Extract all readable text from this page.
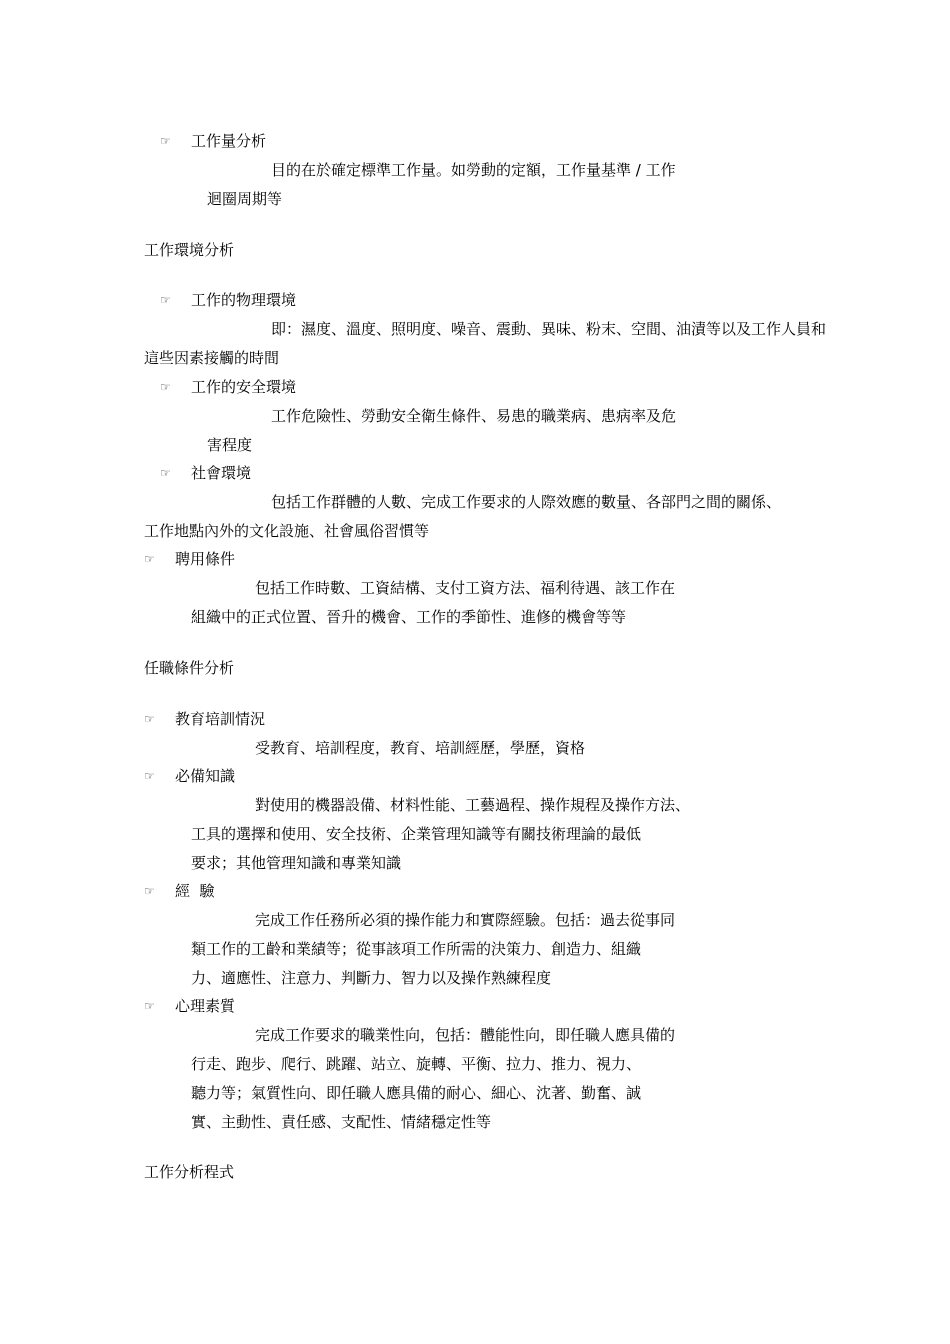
☞ 工作量分析
目的在於確定標準工作量。如勞動的定額，工作量基準 / 工作
迴圈周期等
工作環境分析
☞ 工作的物理環境
即：濕度、溫度、照明度、噪音、震動、異味、粉末、空間、油漬等以及工作人員和
這些因素接觸的時間
☞ 工作的安全環境
工作危險性、勞動安全衛生條件、易患的職業病、患病率及危
害程度
☞ 社會環境
包括工作群體的人數、完成工作要求的人際效應的數量、各部門之間的關係、
工作地點內外的文化設施、社會風俗習慣等
☞ 聘用條件
包括工作時數、工資結構、支付工資方法、福利待遇、該工作在
組織中的正式位置、晉升的機會、工作的季節性、進修的機會等等
任職條件分析
☞ 教育培訓情況
受教育、培訓程度，教育、培訓經歷，學歷，資格
☞ 必備知識
對使用的機器設備、材料性能、工藝過程、操作規程及操作方法、
工具的選擇和使用、安全技術、企業管理知識等有關技術理論的最低
要求；其他管理知識和專業知識
☞ 經  驗
完成工作任務所必須的操作能力和實際經驗。包括：過去從事同
類工作的工齡和業績等；從事該項工作所需的決策力、創造力、組織
力、適應性、注意力、判斷力、智力以及操作熟練程度
☞ 心理素質
完成工作要求的職業性向，包括：體能性向，即任職人應具備的
行走、跑步、爬行、跳躍、站立、旋轉、平衡、拉力、推力、視力、
聽力等；氣質性向、即任職人應具備的耐心、細心、沈著、勤奮、誠
實、主動性、責任感、支配性、情緒穩定性等
工作分析程式
